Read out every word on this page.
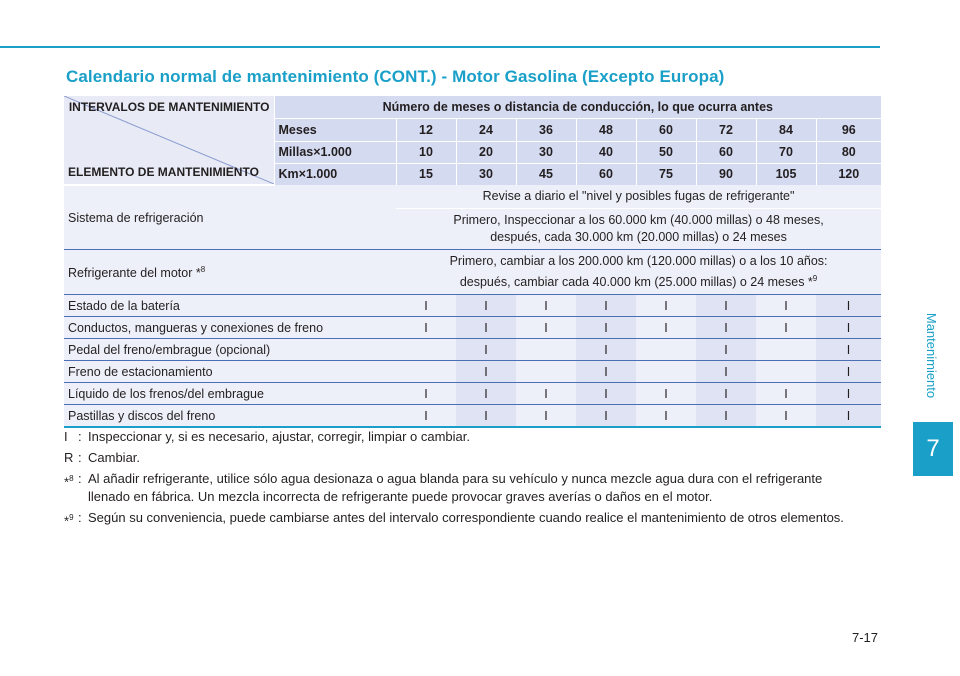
Calendario normal de mantenimiento (CONT.) - Motor Gasolina (Excepto Europa)
Mantenimiento
7
INTERVALOS DE MANTENIMIENTO
ELEMENTO DE MANTENIMIENTO	Número de meses o distancia de conducción, lo que ocurra antes								
	Meses	12	24	36	48	60	72	84	96
	Millas×1.000	10	20	30	40	50	60	70	80
	Km×1.000	15	30	45	60	75	90	105	120
Sistema de refrigeración		Revise a diario el "nivel y posibles fugas de refrigerante"							

		Primero, Inspeccionar a los 60.000 km (40.000 millas) o 48 meses,
después, cada 30.000 km (20.000 millas) o 24 meses							

Refrigerante del motor *$^8$		Primero, cambiar a los 200.000 km (120.000 millas) o a los 10 años:
después, cambiar cada 40.000 km (25.000 millas) o 24 meses *$^9$

Estado de la batería		I	I	I	I	I	I	I	I
Conductos, mangueras y conexiones de freno		I	I	I	I	I	I	I	I
Pedal del freno/embrague (opcional)			I		I		I		I
Freno de estacionamiento			I		I		I		I
Líquido de los frenos/del embrague		I	I	I	I	I	I	I	I
Pastillas y discos del freno		I	I	I	I	I	I	I	I
I : Inspeccionar y, si es necesario, ajustar, corregir, limpiar o cambiar.
R : Cambiar.
*$^8$ : Al añadir refrigerante, utilice sólo agua desionaza o agua blanda para su vehículo y nunca mezcle agua dura con el refrigerante llenado en fábrica. Un mezcla incorrecta de refrigerante puede provocar graves averías o daños en el motor.
*$^9$ : Según su conveniencia, puede cambiarse antes del intervalo correspondiente cuando realice el mantenimiento de otros elementos.
7-17
